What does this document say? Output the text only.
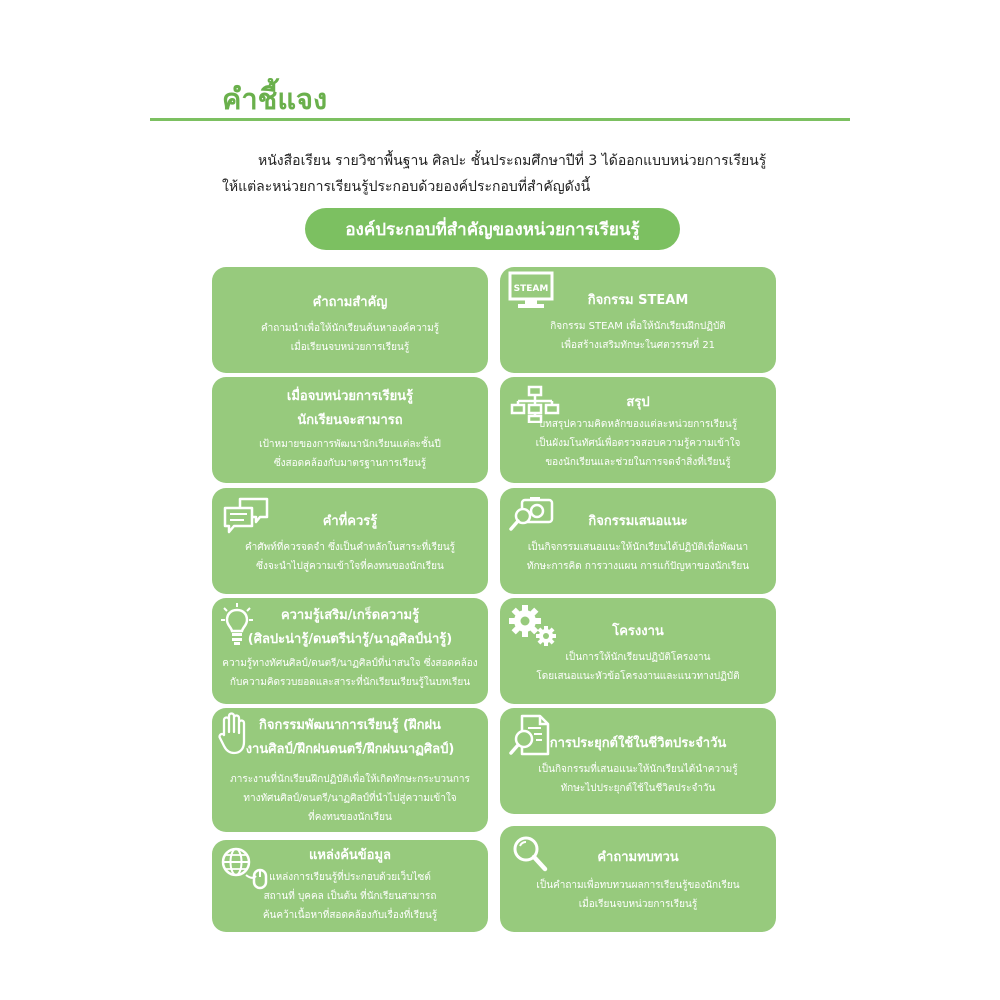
คำชี้แจง
หนังสือเรียน รายวิชาพื้นฐาน ศิลปะ ชั้นประถมศึกษาปีที่ 3 ได้ออกแบบหน่วยการเรียนรู้
ให้แต่ละหน่วยการเรียนรู้ประกอบด้วยองค์ประกอบที่สำคัญดังนี้
องค์ประกอบที่สำคัญของหน่วยการเรียนรู้
คำถามสำคัญ
คำถามนำเพื่อให้นักเรียนค้นหาองค์ความรู้
เมื่อเรียนจบหน่วยการเรียนรู้
STEAM
กิจกรรม STEAM
กิจกรรม STEAM เพื่อให้นักเรียนฝึกปฏิบัติ
เพื่อสร้างเสริมทักษะในศตวรรษที่ 21
เมื่อจบหน่วยการเรียนรู้
นักเรียนจะสามารถ
เป้าหมายของการพัฒนานักเรียนแต่ละชั้นปี
ซึ่งสอดคล้องกับมาตรฐานการเรียนรู้
สรุป
บทสรุปความคิดหลักของแต่ละหน่วยการเรียนรู้
เป็นผังมโนทัศน์เพื่อตรวจสอบความรู้ความเข้าใจ
ของนักเรียนและช่วยในการจดจำสิ่งที่เรียนรู้
คำที่ควรรู้
คำศัพท์ที่ควรจดจำ ซึ่งเป็นคำหลักในสาระที่เรียนรู้
ซึ่งจะนำไปสู่ความเข้าใจที่คงทนของนักเรียน
กิจกรรมเสนอแนะ
เป็นกิจกรรมเสนอแนะให้นักเรียนได้ปฏิบัติเพื่อพัฒนา
ทักษะการคิด การวางแผน การแก้ปัญหาของนักเรียน
ความรู้เสริม/เกร็ดความรู้
(ศิลปะน่ารู้/ดนตรีน่ารู้/นาฏศิลป์น่ารู้)
ความรู้ทางทัศนศิลป์/ดนตรี/นาฏศิลป์ที่น่าสนใจ ซึ่งสอดคล้อง
กับความคิดรวบยอดและสาระที่นักเรียนเรียนรู้ในบทเรียน
โครงงาน
เป็นการให้นักเรียนปฏิบัติโครงงาน
โดยเสนอแนะหัวข้อโครงงานและแนวทางปฏิบัติ
กิจกรรมพัฒนาการเรียนรู้ (ฝึกฝน
งานศิลป์/ฝึกฝนดนตรี/ฝึกฝนนาฏศิลป์)
ภาระงานที่นักเรียนฝึกปฏิบัติเพื่อให้เกิดทักษะกระบวนการ
ทางทัศนศิลป์/ดนตรี/นาฏศิลป์ที่นำไปสู่ความเข้าใจ
ที่คงทนของนักเรียน
การประยุกต์ใช้ในชีวิตประจำวัน
เป็นกิจกรรมที่เสนอแนะให้นักเรียนได้นำความรู้
ทักษะไปประยุกต์ใช้ในชีวิตประจำวัน
แหล่งค้นข้อมูล
แหล่งการเรียนรู้ที่ประกอบด้วยเว็บไซต์
สถานที่ บุคคล เป็นต้น ที่นักเรียนสามารถ
ค้นคว้าเนื้อหาที่สอดคล้องกับเรื่องที่เรียนรู้
คำถามทบทวน
เป็นคำถามเพื่อทบทวนผลการเรียนรู้ของนักเรียน
เมื่อเรียนจบหน่วยการเรียนรู้
